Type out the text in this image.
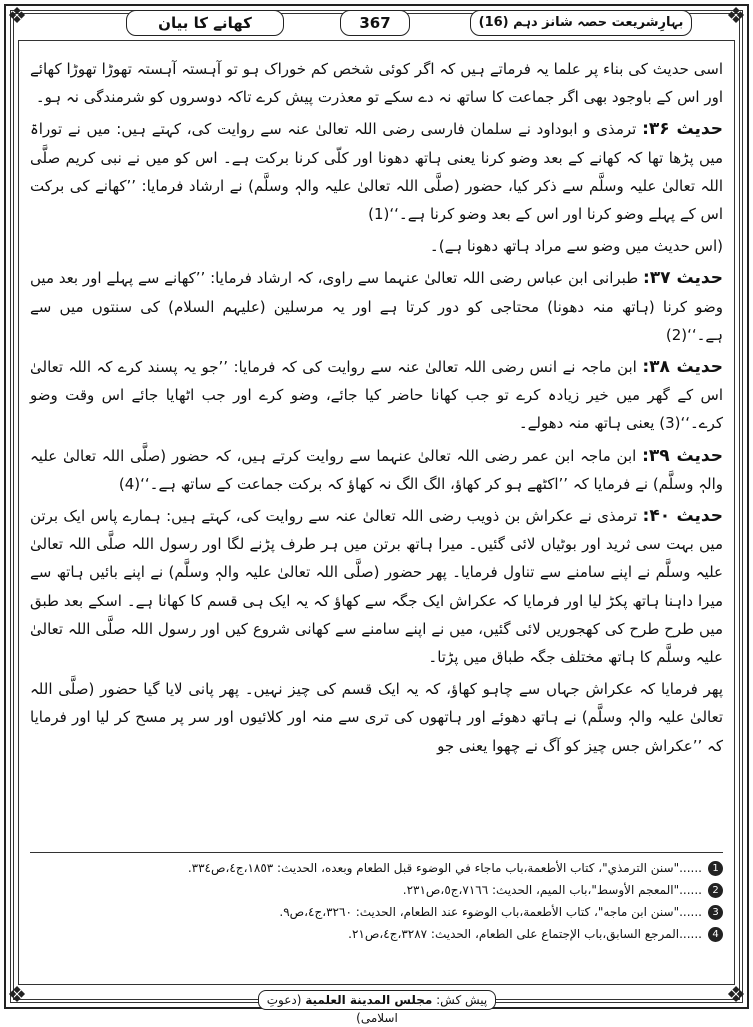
❖	❖
❖	❖
کھانے کا بیان	367	بہارِشریعت حصہ شانز دہم (16)

اسی حدیث کی بناء پر علما یہ فرماتے ہیں کہ اگر کوئی شخص کم خوراک ہو تو آہستہ آہستہ تھوڑا تھوڑا کھائے اور اس کے باوجود بھی اگر جماعت کا ساتھ نہ دے سکے تو معذرت پیش کرے تاکہ دوسروں کو شرمندگی نہ ہو۔

حدیث ۳۶: ترمذی و ابوداود نے سلمان فارسی رضی اللہ تعالیٰ عنہ سے روایت کی، کہتے ہیں: میں نے توراۃ میں پڑھا تھا کہ کھانے کے بعد وضو کرنا یعنی ہاتھ دھونا اور کلّی کرنا برکت ہے۔ اس کو میں نے نبی کریم صلَّی اللہ تعالیٰ علیہ وسلَّم سے ذکر کیا، حضور (صلَّی اللہ تعالیٰ علیہ والہٖ وسلَّم) نے ارشاد فرمایا: ’’کھانے کی برکت اس کے پہلے وضو کرنا اور اس کے بعد وضو کرنا ہے۔‘‘(1)

(اس حدیث میں وضو سے مراد ہاتھ دھونا ہے)۔

حدیث ۳۷: طبرانی ابن عباس رضی اللہ تعالیٰ عنہما سے راوی، کہ ارشاد فرمایا: ’’کھانے سے پہلے اور بعد میں وضو کرنا (ہاتھ منہ دھونا) محتاجی کو دور کرتا ہے اور یہ مرسلین (علیہم السلام) کی سنتوں میں سے ہے۔‘‘(2)

حدیث ۳۸: ابن ماجہ نے انس رضی اللہ تعالیٰ عنہ سے روایت کی کہ فرمایا: ’’جو یہ پسند کرے کہ اللہ تعالیٰ اس کے گھر میں خیر زیادہ کرے تو جب کھانا حاضر کیا جائے، وضو کرے اور جب اٹھایا جائے اس وقت وضو کرے۔‘‘(3) یعنی ہاتھ منہ دھولے۔

حدیث ۳۹: ابن ماجہ ابن عمر رضی اللہ تعالیٰ عنہما سے روایت کرتے ہیں، کہ حضور (صلَّی اللہ تعالیٰ علیہ والہٖ وسلَّم) نے فرمایا کہ ’’اکٹھے ہو کر کھاؤ، الگ الگ نہ کھاؤ کہ برکت جماعت کے ساتھ ہے۔‘‘(4)

حدیث ۴۰: ترمذی نے عکراش بن ذویب رضی اللہ تعالیٰ عنہ سے روایت کی، کہتے ہیں: ہمارے پاس ایک برتن میں بہت سی ثرید اور بوٹیاں لائی گئیں۔ میرا ہاتھ برتن میں ہر طرف پڑنے لگا اور رسول اللہ صلَّی اللہ تعالیٰ علیہ وسلَّم نے اپنے سامنے سے تناول فرمایا۔ پھر حضور (صلَّی اللہ تعالیٰ علیہ والہٖ وسلَّم) نے اپنے بائیں ہاتھ سے میرا داہنا ہاتھ پکڑ لیا اور فرمایا کہ عکراش ایک جگہ سے کھاؤ کہ یہ ایک ہی قسم کا کھانا ہے۔ اسکے بعد طبق میں طرح طرح کی کھجوریں لائی گئیں، میں نے اپنے سامنے سے کھانی شروع کیں اور رسول اللہ صلَّی اللہ تعالیٰ علیہ وسلَّم کا ہاتھ مختلف جگہ طباق میں پڑتا۔

پھر فرمایا کہ عکراش جہاں سے چاہو کھاؤ، کہ یہ ایک قسم کی چیز نہیں۔ پھر پانی لایا گیا حضور (صلَّی اللہ تعالیٰ علیہ والہٖ وسلَّم) نے ہاتھ دھوئے اور ہاتھوں کی تری سے منہ اور کلائیوں اور سر پر مسح کر لیا اور فرمایا کہ ’’عکراش جس چیز کو آگ نے چھوا یعنی جو

1
......"سنن الترمذي"، كتاب الأطعمة،باب ماجاء في الوضوء قبل الطعام وبعده، الحديث: ١٨٥٣،ج٤،ص٣٣٤.
2
......"المعجم الأوسط"،باب الميم، الحديث: ٧١٦٦،ج٥،ص٢٣١.
3
......"سنن ابن ماجه"، كتاب الأطعمة،باب الوضوء عند الطعام، الحديث: ٣٢٦٠،ج٤،ص٩.
4
......المرجع السابق،باب الإجتماع على الطعام، الحديث: ٣٢٨٧،ج٤،ص٢١.
پیش کش: مجلس المدينة العلمية (دعوتِ اسلامی)
